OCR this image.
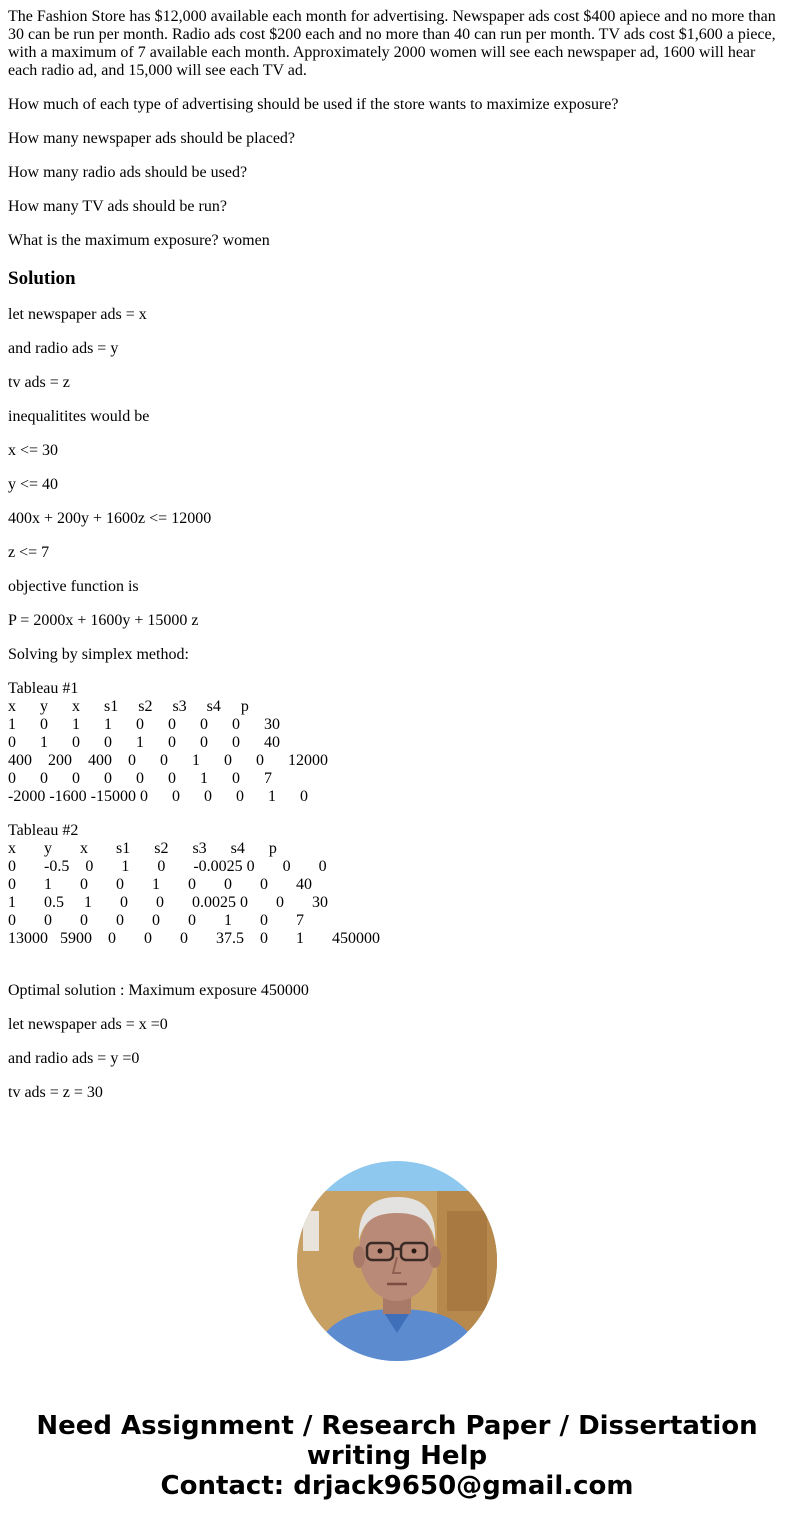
The Fashion Store has $12,000 available each month for advertising. Newspaper ads cost $400 apiece and no more than 30 can be run per month. Radio ads cost $200 each and no more than 40 can run per month. TV ads cost $1,600 a piece, with a maximum of 7 available each month. Approximately 2000 women will see each newspaper ad, 1600 will hear each radio ad, and 15,000 will see each TV ad.
How much of each type of advertising should be used if the store wants to maximize exposure?
How many newspaper ads should be placed?
How many radio ads should be used?
How many TV ads should be run?
What is the maximum exposure? women
Solution
let newspaper ads = x
and radio ads = y
tv ads = z
inequalitites would be
x <= 30
y <= 40
400x + 200y + 1600z <= 12000
z <= 7
objective function is
P = 2000x + 1600y + 15000 z
Solving by simplex method:
Tableau #1
x      y      x      s1     s2     s3     s4     p
1      0      1      1      0      0      0      0      30
0      1      0      0      1      0      0      0      40
400    200    400    0      0      1      0      0      12000
0      0      0      0      0      0      1      0      7
-2000 -1600 -15000 0      0      0      0      1      0
Tableau #2
x       y       x       s1      s2      s3      s4      p
0       -0.5    0       1       0       -0.0025 0       0       0
0       1       0       0       1       0       0       0       40
1       0.5     1       0       0       0.0025 0       0       30
0       0       0       0       0       0       1       0       7
13000   5900    0       0       0       37.5    0       1       450000
Optimal solution : Maximum exposure 450000
let newspaper ads = x =0
and radio ads = y =0
tv ads = z = 30
Need Assignment / Research Paper / Dissertation
writing Help
Contact: drjack9650@gmail.com
